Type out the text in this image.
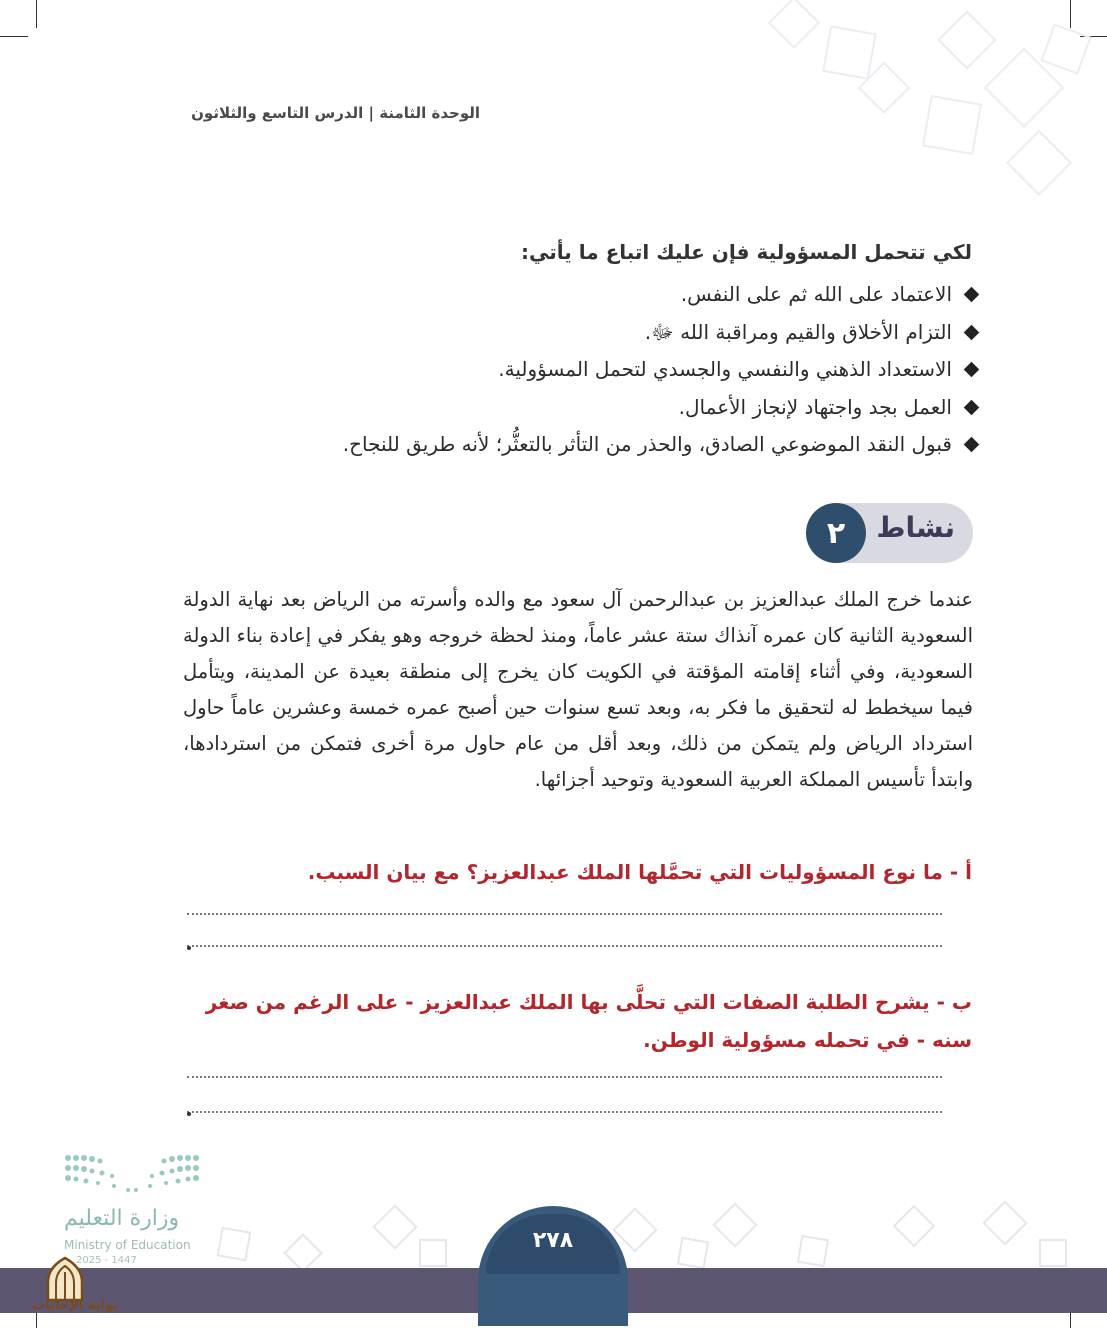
الوحدة الثامنة | الدرس التاسع والثلاثون
لكي تتحمل المسؤولية فإن عليك اتباع ما يأتي:
الاعتماد على الله ثم على النفس.
التزام الأخلاق والقيم ومراقبة الله ﷻ.
الاستعداد الذهني والنفسي والجسدي لتحمل المسؤولية.
العمل بجد واجتهاد لإنجاز الأعمال.
قبول النقد الموضوعي الصادق، والحذر من التأثر بالتعثُّر؛ لأنه طريق للنجاح.
نشاط
٢
عندما خرج الملك عبدالعزيز بن عبدالرحمن آل سعود مع والده وأسرته من الرياض بعد نهاية الدولة السعودية الثانية كان عمره آنذاك ستة عشر عاماً، ومنذ لحظة خروجه وهو يفكر في إعادة بناء الدولة السعودية، وفي أثناء إقامته المؤقتة في الكويت كان يخرج إلى منطقة بعيدة عن المدينة، ويتأمل فيما سيخطط له لتحقيق ما فكر به، وبعد تسع سنوات حين أصبح عمره خمسة وعشرين عاماً حاول استرداد الرياض ولم يتمكن من ذلك، وبعد أقل من عام حاول مرة أخرى فتمكن من استردادها، وابتدأ تأسيس المملكة العربية السعودية وتوحيد أجزائها.
أ - ما نوع المسؤوليات التي تحمَّلها الملك عبدالعزيز؟ مع بيان السبب.
ب - يشرح الطلبة الصفات التي تحلَّى بها الملك عبدالعزيز - على الرغم من صغر سنه - في تحمله مسؤولية الوطن.
٢٧٨
وزارة التعليم
Ministry of Education
2025 - 1447
بوابة الإجابات
